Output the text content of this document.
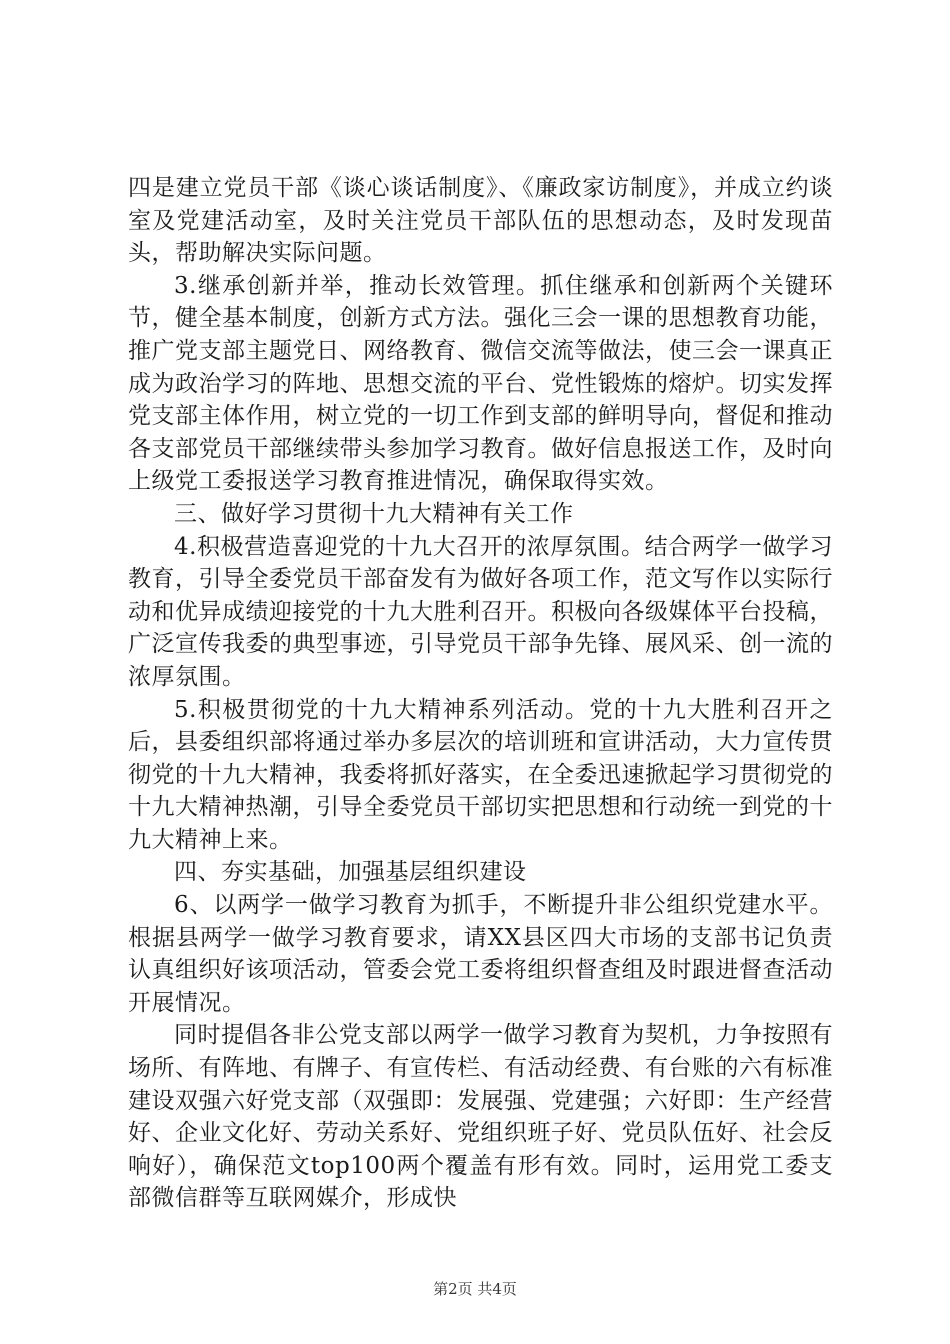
四是建立党员干部《谈心谈话制度》、《廉政家访制度》，并成立约谈室及党建活动室，及时关注党员干部队伍的思想动态，及时发现苗头，帮助解决实际问题。

3.继承创新并举，推动长效管理。抓住继承和创新两个关键环节，健全基本制度，创新方式方法。强化三会一课的思想教育功能，推广党支部主题党日、网络教育、微信交流等做法，使三会一课真正成为政治学习的阵地、思想交流的平台、党性锻炼的熔炉。切实发挥党支部主体作用，树立党的一切工作到支部的鲜明导向，督促和推动各支部党员干部继续带头参加学习教育。做好信息报送工作，及时向上级党工委报送学习教育推进情况，确保取得实效。

三、做好学习贯彻十九大精神有关工作

4.积极营造喜迎党的十九大召开的浓厚氛围。结合两学一做学习教育，引导全委党员干部奋发有为做好各项工作，范文写作以实际行动和优异成绩迎接党的十九大胜利召开。积极向各级媒体平台投稿，广泛宣传我委的典型事迹，引导党员干部争先锋、展风采、创一流的浓厚氛围。

5.积极贯彻党的十九大精神系列活动。党的十九大胜利召开之后，县委组织部将通过举办多层次的培训班和宣讲活动，大力宣传贯彻党的十九大精神，我委将抓好落实，在全委迅速掀起学习贯彻党的十九大精神热潮，引导全委党员干部切实把思想和行动统一到党的十九大精神上来。

四、夯实基础，加强基层组织建设

6、以两学一做学习教育为抓手，不断提升非公组织党建水平。根据县两学一做学习教育要求，请XX县区四大市场的支部书记负责认真组织好该项活动，管委会党工委将组织督查组及时跟进督查活动开展情况。

同时提倡各非公党支部以两学一做学习教育为契机，力争按照有场所、有阵地、有牌子、有宣传栏、有活动经费、有台账的六有标准建设双强六好党支部（双强即：发展强、党建强；六好即：生产经营好、企业文化好、劳动关系好、党组织班子好、党员队伍好、社会反响好），确保范文top100两个覆盖有形有效。同时，运用党工委支部微信群等互联网媒介，形成快

第2页 共4页
